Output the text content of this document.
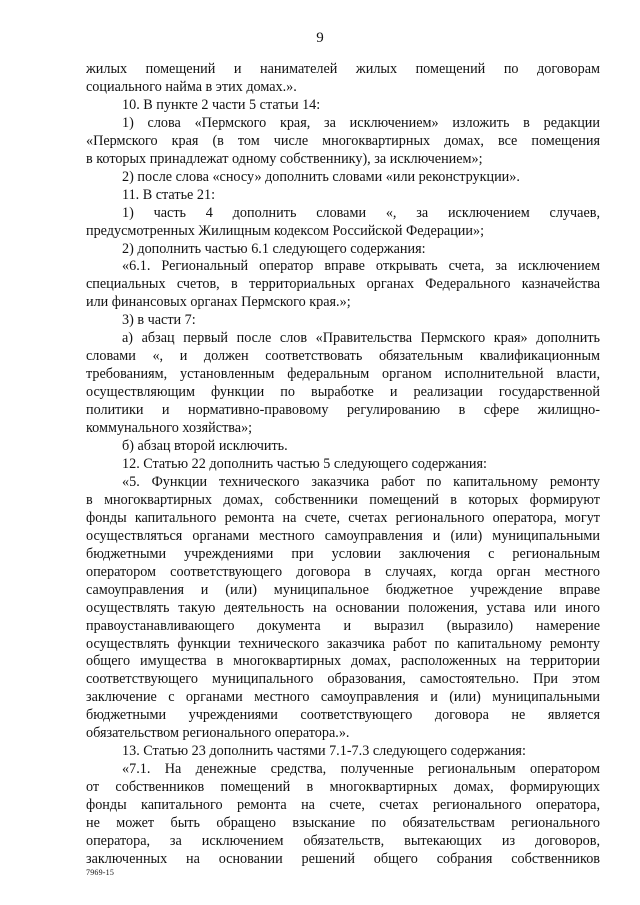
9
жилых помещений и нанимателей жилых помещений по договорам
социального найма в этих домах.».
10. В пункте 2 части 5 статьи 14:
1) слова «Пермского края, за исключением» изложить в редакции
«Пермского края (в том числе многоквартирных домах, все помещения
в которых принадлежат одному собственнику), за исключением»;
2) после слова «сносу» дополнить словами «или реконструкции».
11. В статье 21:
1) часть 4 дополнить словами «, за исключением случаев,
предусмотренных Жилищным кодексом Российской Федерации»;
2) дополнить частью 6.1 следующего содержания:
«6.1. Региональный оператор вправе открывать счета, за исключением
специальных счетов, в территориальных органах Федерального казначейства
или финансовых органах Пермского края.»;
3) в части 7:
а) абзац первый после слов «Правительства Пермского края» дополнить
словами «, и должен соответствовать обязательным квалификационным
требованиям, установленным федеральным органом исполнительной власти,
осуществляющим функции по выработке и реализации государственной
политики и нормативно-правовому регулированию в сфере жилищно-
коммунального хозяйства»;
б) абзац второй исключить.
12. Статью 22 дополнить частью 5 следующего содержания:
«5. Функции технического заказчика работ по капитальному ремонту
в многоквартирных домах, собственники помещений в которых формируют
фонды капитального ремонта на счете, счетах регионального оператора, могут
осуществляться органами местного самоуправления и (или) муниципальными
бюджетными учреждениями при условии заключения с региональным
оператором соответствующего договора в случаях, когда орган местного
самоуправления и (или) муниципальное бюджетное учреждение вправе
осуществлять такую деятельность на основании положения, устава или иного
правоустанавливающего документа и выразил (выразило) намерение
осуществлять функции технического заказчика работ по капитальному ремонту
общего имущества в многоквартирных домах, расположенных на территории
соответствующего муниципального образования, самостоятельно. При этом
заключение с органами местного самоуправления и (или) муниципальными
бюджетными учреждениями соответствующего договора не является
обязательством регионального оператора.».
13. Статью 23 дополнить частями 7.1-7.3 следующего содержания:
«7.1. На денежные средства, полученные региональным оператором
от собственников помещений в многоквартирных домах, формирующих
фонды капитального ремонта на счете, счетах регионального оператора,
не может быть обращено взыскание по обязательствам регионального
оператора, за исключением обязательств, вытекающих из договоров,
заключенных на основании решений общего собрания собственников
7969-15
